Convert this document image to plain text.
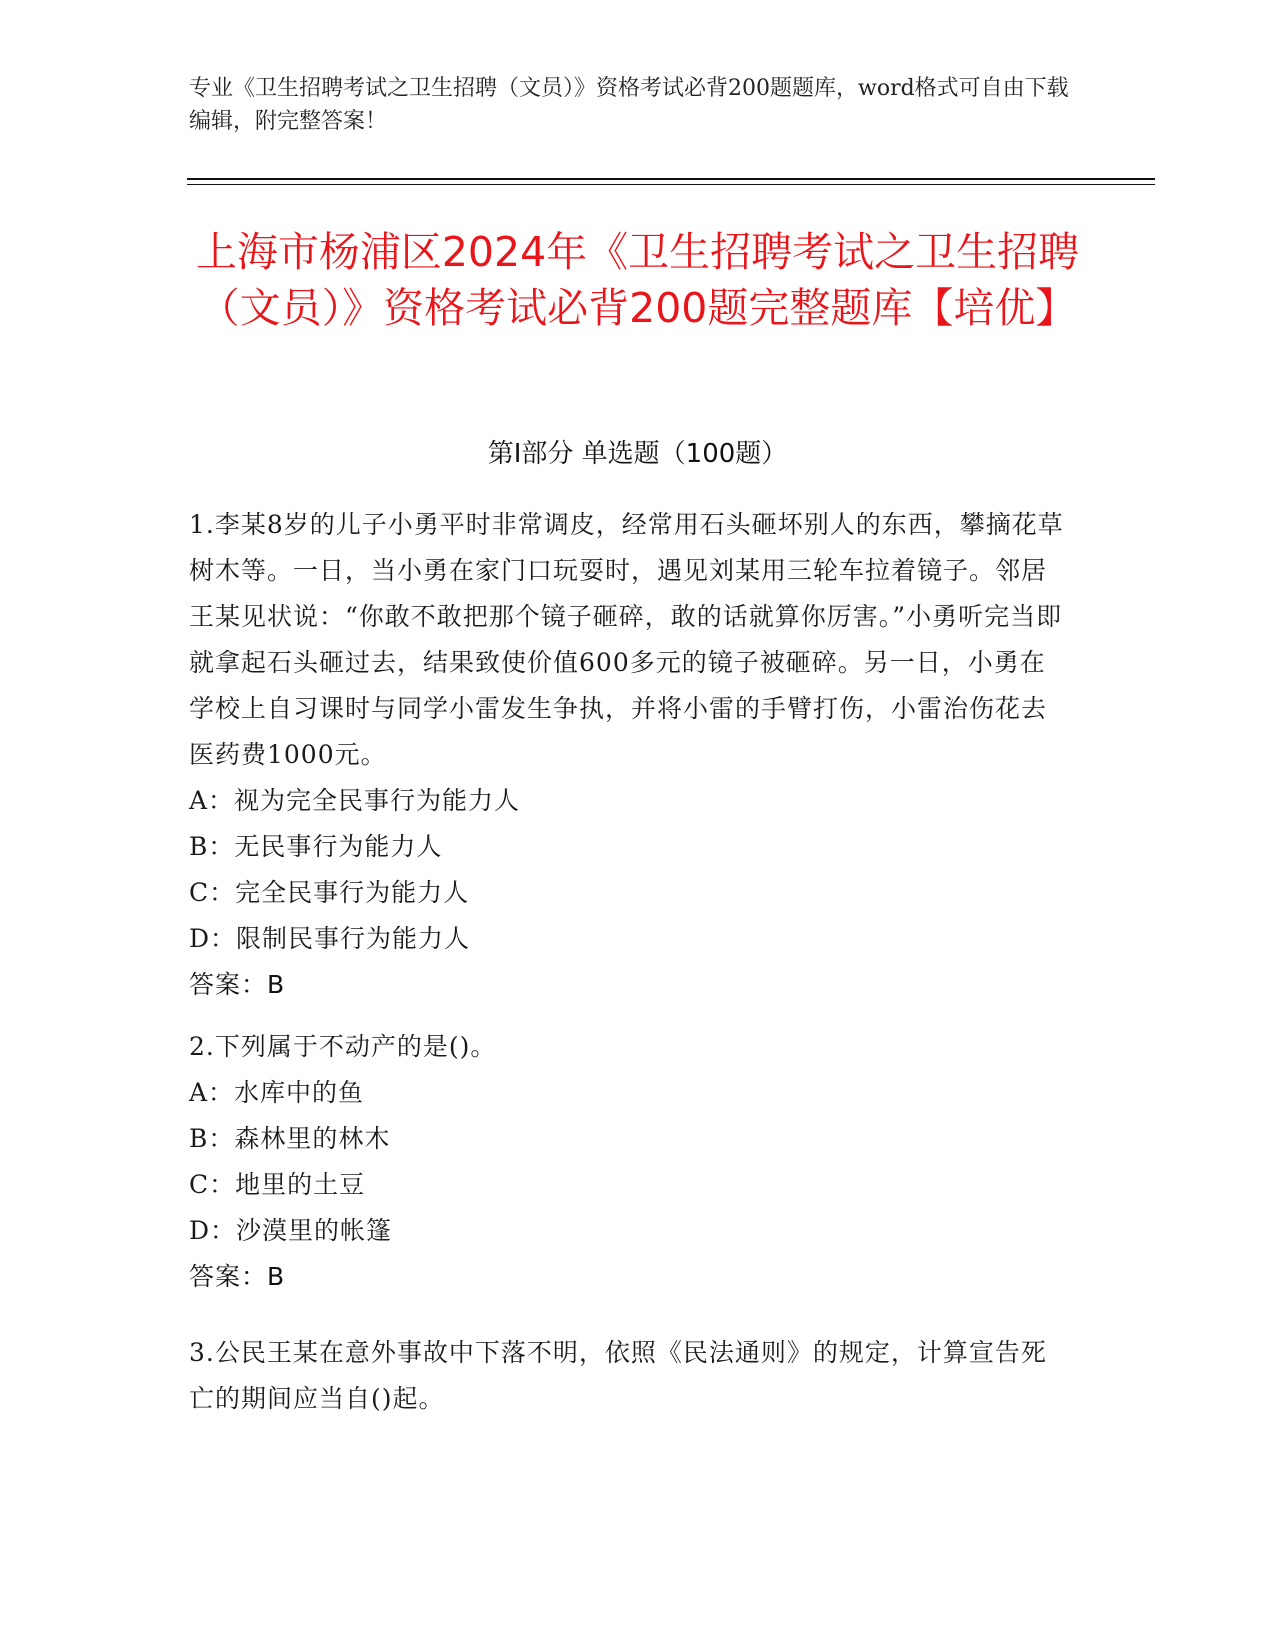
专业《卫生招聘考试之卫生招聘（文员）》资格考试必背200题题库，word格式可自由下载编辑，附完整答案！
上海市杨浦区2024年《卫生招聘考试之卫生招聘（文员）》资格考试必背200题完整题库【培优】
第I部分 单选题（100题）

1.李某8岁的儿子小勇平时非常调皮，经常用石头砸坏别人的东西，攀摘花草树木等。一日，当小勇在家门口玩耍时，遇见刘某用三轮车拉着镜子。邻居王某见状说：“你敢不敢把那个镜子砸碎，敢的话就算你厉害。”小勇听完当即就拿起石头砸过去，结果致使价值600多元的镜子被砸碎。另一日，小勇在学校上自习课时与同学小雷发生争执，并将小雷的手臂打伤，小雷治伤花去医药费1000元。

A：视为完全民事行为能力人

B：无民事行为能力人

C：完全民事行为能力人

D：限制民事行为能力人

答案：B

2.下列属于不动产的是()。

A：水库中的鱼

B：森林里的林木

C：地里的土豆

D：沙漠里的帐篷

答案：B

3.公民王某在意外事故中下落不明，依照《民法通则》的规定，计算宣告死亡的期间应当自()起。
